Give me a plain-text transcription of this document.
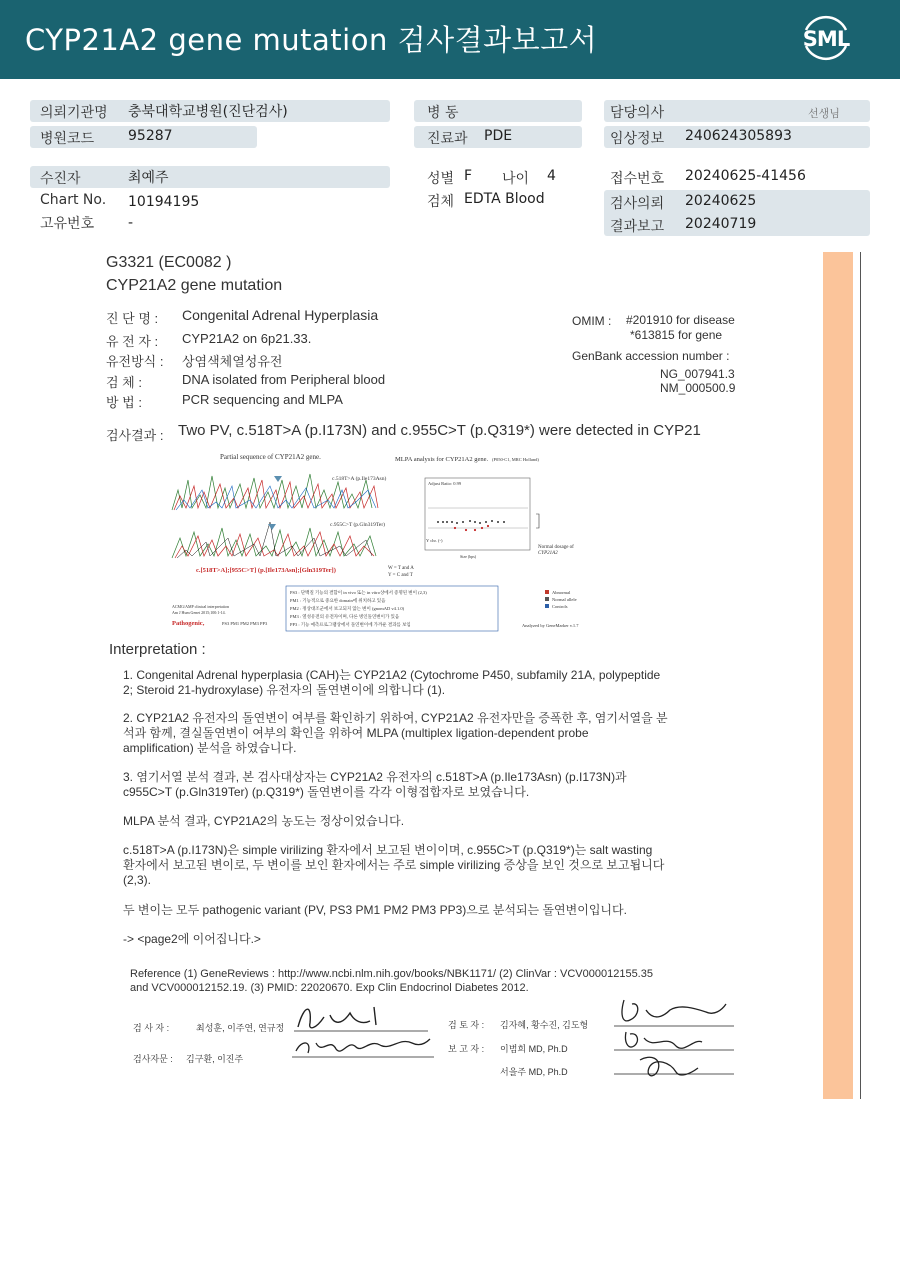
CYP21A2 gene mutation 검사결과보고서	SML
의뢰기관명 충북대학교병원(진단검사)	병 동	담당의사	선생님
병원코드 95287	진료과 PDE	임상정보 240624305893
수진자	최예주	성별 F 나이 4	접수번호 20240625-41456
Chart No. 10194195	검체 EDTA Blood	검사의뢰 20240625
고유번호 -	결과보고 20240719
G3321 (EC0082 )
CYP21A2 gene mutation
진 단 명 : Congenital Adrenal Hyperplasia
유 전 자 : CYP21A2 on 6p21.33.
유전방식 : 상염색체열성유전
검 체 :	DNA isolated from Peripheral blood
방 법 :	PCR sequencing and MLPA
OMIM : #201910 for disease
*613815 for gene
GenBank accession number :
NG_007941.3
NM_000500.9
검사결과 : Two PV, c.518T>A (p.I173N) and c.955C>T (p.Q319*) were detected in CYP21
Partial sequence of CYP21A2 gene.	MLPA analysis for CYP21A2 gene. (P050-C1, MRC Holland)
c.518T>A (p.Ile173Asn)
c.955C>T (p.Gln319Ter)
c.[518T>A];[955C>T] (p.[Ile173Asn];[Gln319Ter])	W = T and A
Y = C and T
Adjust Ratio: 0.99
Y chr. (-)
Size (bps)
Normal dosage of
CYP21A2
ACMG/AMP clinical interpretation
Am J Hum Genet 2015;100:1-14.
Pathogenic,	PS3 PM1 PM2 PM3 PP3
PS3 : 단백질 기능의 결함이 in vivo 또는 in vitro상에서 증명된 변이 (2,3)
PM1 : 기능적으로 중요한 domain에 위치하고 있음
PM2 : 정상대조군에서 보고되지 않는 변이 (gnomAD v4.1.0)
PM3 : 열성유전의 유전자이며, 다른 병인돌연변이가 있음
PP3 : 기능 예측프로그램상에서 돌연변이에 가까운 결과를 보임
Abnormal
Normal allele
Controls
Analyzed by GeneMarker v.1.7
Interpretation :
1. Congenital Adrenal hyperplasia (CAH)는 CYP21A2 (Cytochrome P450, subfamily 21A, polypeptide
2; Steroid 21-hydroxylase) 유전자의 돌연변이에 의합니다 (1).
2. CYP21A2 유전자의 돌연변이 여부를 확인하기 위하여, CYP21A2 유전자만을 증폭한 후, 염기서열을 분
석과 함께, 결실돌연변이 여부의 확인을 위하여 MLPA (multiplex ligation-dependent probe
amplification) 분석을 하였습니다.
3. 염기서열 분석 결과, 본 검사대상자는 CYP21A2 유전자의 c.518T>A (p.Ile173Asn) (p.I173N)과
c955C>T (p.Gln319Ter) (p.Q319*) 돌연변이를 각각 이형접합자로 보였습니다.
MLPA 분석 결과, CYP21A2의 농도는 정상이었습니다.
c.518T>A (p.I173N)은 simple virilizing 환자에서 보고된 변이이며, c.955C>T (p.Q319*)는 salt wasting
환자에서 보고된 변이로, 두 변이를 보인 환자에서는 주로 simple virilizing 증상을 보인 것으로 보고됩니다
(2,3).
두 변이는 모두 pathogenic variant (PV, PS3 PM1 PM2 PM3 PP3)으로 분석되는 돌연변이입니다.
-> <page2에 이어집니다.>
Reference (1) GeneReviews : http://www.ncbi.nlm.nih.gov/books/NBK1171/ (2) ClinVar : VCV000012155.35
and VCV000012152.19. (3) PMID: 22020670. Exp Clin Endocrinol Diabetes 2012.
검 사 자 :	최성훈, 이주연, 연규정
검사자문 : 김구환, 이진주
검 토 자 : 김자혜, 황수진, 김도형
보 고 자 : 이범희 MD, Ph.D
서을주 MD, Ph.D
